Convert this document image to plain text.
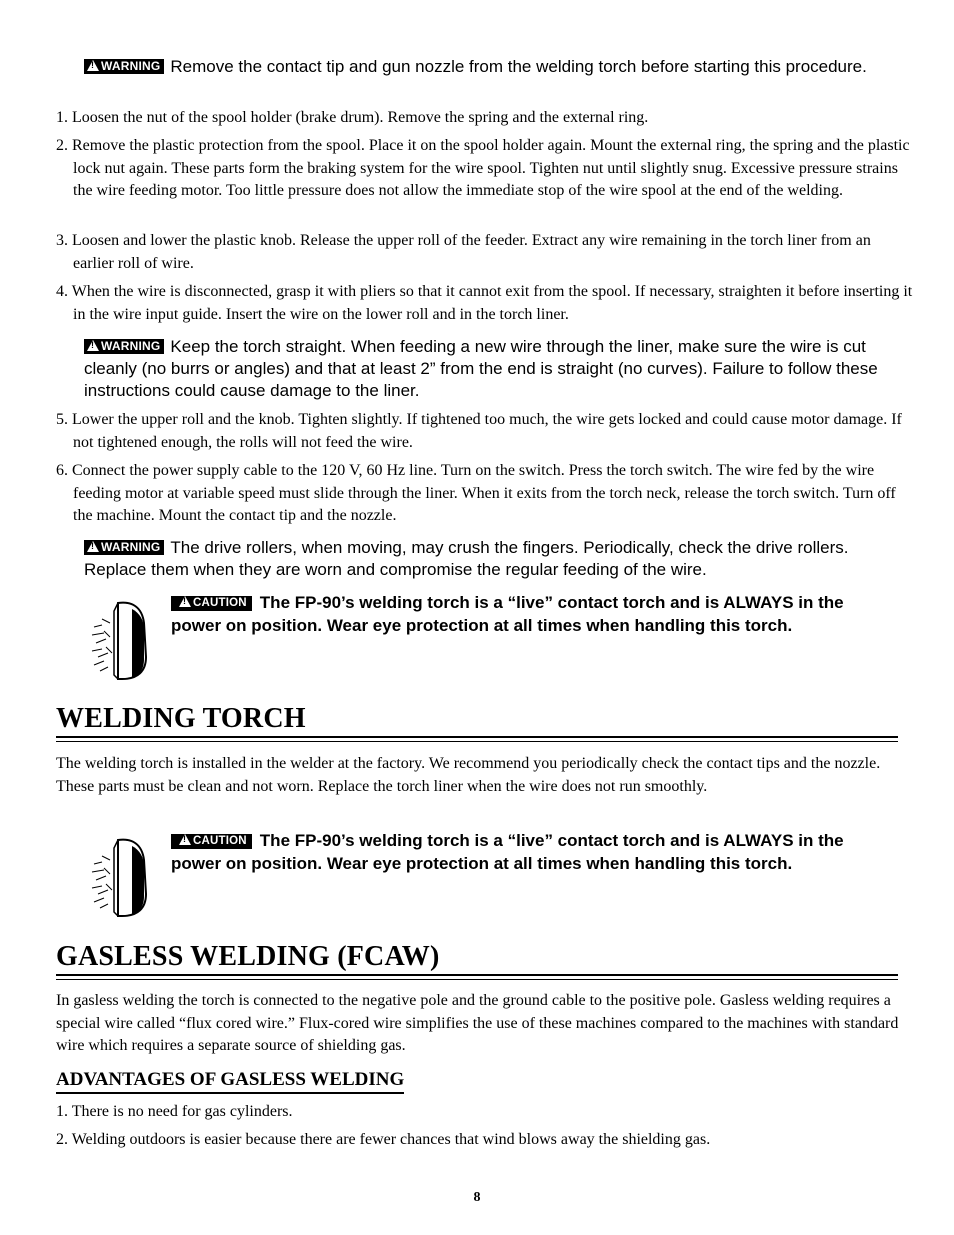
!WARNING Remove the contact tip and gun nozzle from the welding torch before starting this procedure.
1. Loosen the nut of the spool holder (brake drum). Remove the spring and the external ring.
2. Remove the plastic protection from the spool. Place it on the spool holder again. Mount the external ring, the spring and the plastic lock nut again. These parts form the braking system for the wire spool. Tighten nut until slightly snug. Excessive pressure strains the wire feeding motor. Too little pressure does not allow the immediate stop of the wire spool at the end of the welding.
3. Loosen and lower the plastic knob. Release the upper roll of the feeder. Extract any wire remaining in the torch liner from an earlier roll of wire.
4. When the wire is disconnected, grasp it with pliers so that it cannot exit from the spool. If necessary, straighten it before inserting it in the wire input guide. Insert the wire on the lower roll and in the torch liner.
!WARNING Keep the torch straight. When feeding a new wire through the liner, make sure the wire is cut cleanly (no burrs or angles) and that at least 2” from the end is straight (no curves). Failure to follow these instructions could cause damage to the liner.
5. Lower the upper roll and the knob. Tighten slightly. If tightened too much, the wire gets locked and could cause motor damage. If not tightened enough, the rolls will not feed the wire.
6. Connect the power supply cable to the 120 V, 60 Hz line. Turn on the switch. Press the torch switch. The wire fed by the wire feeding motor at variable speed must slide through the liner. When it exits from the torch neck, release the torch switch. Turn off the machine. Mount the contact tip and the nozzle.
!WARNING The drive rollers, when moving, may crush the fingers. Periodically, check the drive rollers. Replace them when they are worn and compromise the regular feeding of the wire.
!CAUTION The FP-90’s welding torch is a “live” contact torch and is ALWAYS in the power on position. Wear eye protection at all times when handling this torch.
WELDING TORCH
The welding torch is installed in the welder at the factory. We recommend you periodically check the contact tips and the nozzle. These parts must be clean and not worn. Replace the torch liner when the wire does not run smoothly.
!CAUTION The FP-90’s welding torch is a “live” contact torch and is ALWAYS in the power on position. Wear eye protection at all times when handling this torch.
GASLESS WELDING (FCAW)
In gasless welding the torch is connected to the negative pole and the ground cable to the positive pole. Gasless welding requires a special wire called “flux cored wire.” Flux-cored wire simplifies the use of these machines compared to the machines with standard wire which requires a separate source of shielding gas.
ADVANTAGES OF GASLESS WELDING
1. There is no need for gas cylinders.
2. Welding outdoors is easier because there are fewer chances that wind blows away the shielding gas.
8
